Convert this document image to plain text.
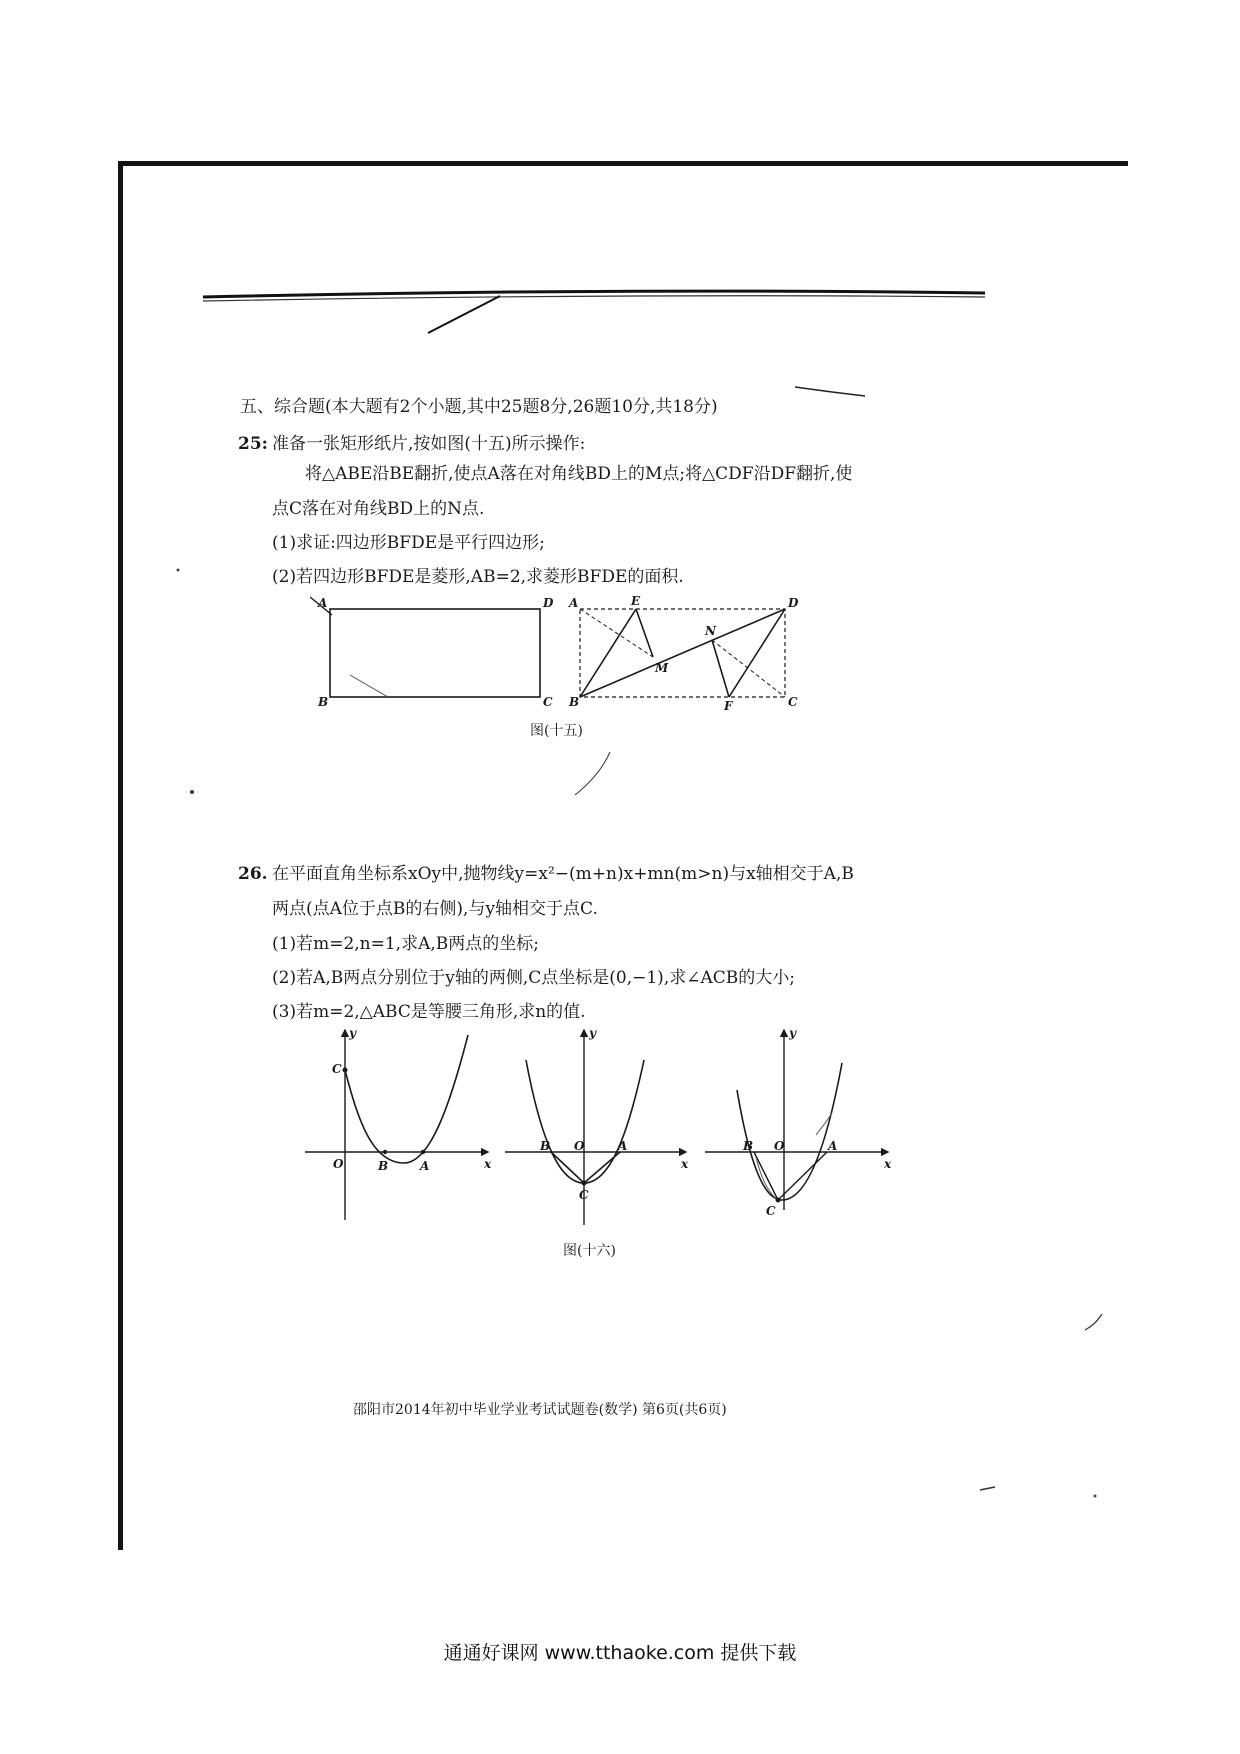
五、综合题(本大题有2个小题,其中25题8分,26题10分,共18分)
25: 准备一张矩形纸片,按如图(十五)所示操作:
将△ABE沿BE翻折,使点A落在对角线BD上的M点;将△CDF沿DF翻折,使
点C落在对角线BD上的N点.
(1)求证:四边形BFDE是平行四边形;
(2)若四边形BFDE是菱形,AB=2,求菱形BFDE的面积.
A	D
B	C
A	E	D
N
M
B	F	C
图(十五)
26. 在平面直角坐标系xOy中,抛物线y=x²−(m+n)x+mn(m>n)与x轴相交于A,B
两点(点A位于点B的右侧),与y轴相交于点C.
(1)若m=2,n=1,求A,B两点的坐标;
(2)若A,B两点分别位于y轴的两侧,C点坐标是(0,−1),求∠ACB的大小;
(3)若m=2,△ABC是等腰三角形,求n的值.
y
x
O	B	A
C
y
x
O
B	A
C
y
x
O
B	A
C
图(十六)
邵阳市2014年初中毕业学业考试试题卷(数学) 第6页(共6页)
通通好课网 www.tthaoke.com 提供下载
